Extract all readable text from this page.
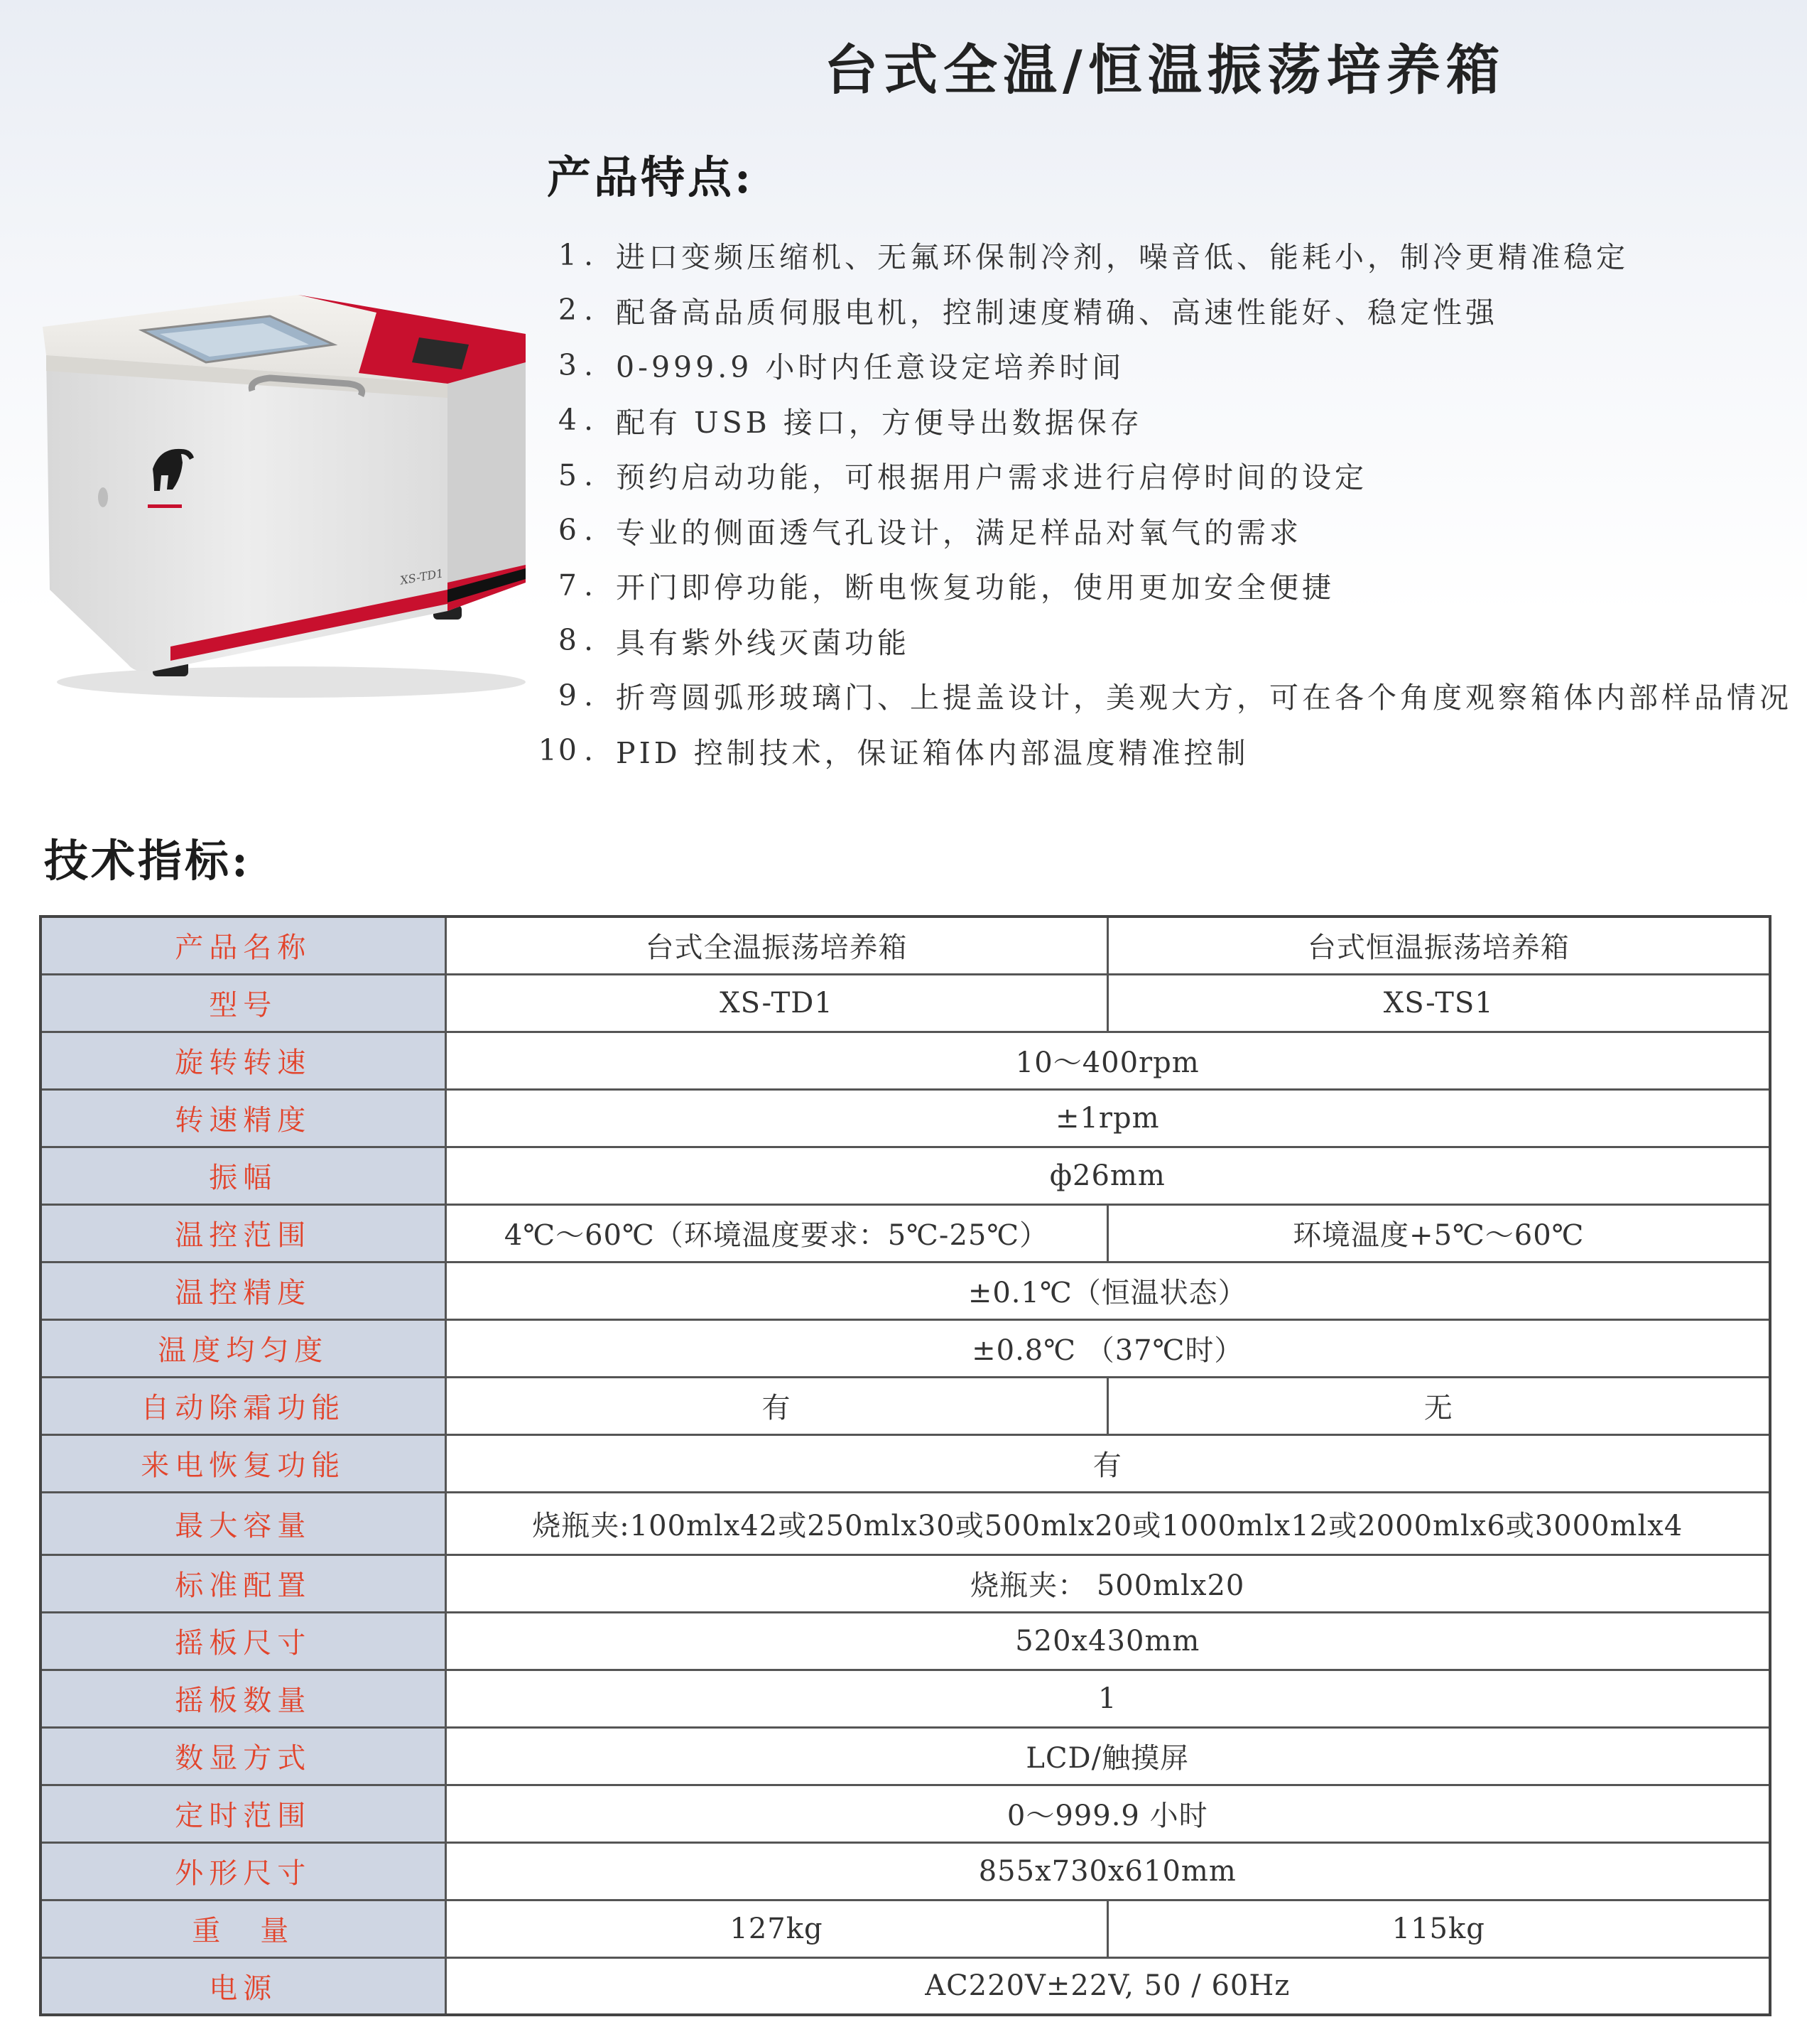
台式全温/恒温振荡培养箱
XS-TD1
产品特点:
1 . 进口变频压缩机、无氟环保制冷剂，噪音低、能耗小，制冷更精准稳定
2 . 配备高品质伺服电机，控制速度精确、高速性能好、稳定性强
3 . 0-999.9 小时内任意设定培养时间
4 . 配有 USB 接口，方便导出数据保存
5 . 预约启动功能，可根据用户需求进行启停时间的设定
6 . 专业的侧面透气孔设计，满足样品对氧气的需求
7 . 开门即停功能，断电恢复功能，使用更加安全便捷
8 . 具有紫外线灭菌功能
9 . 折弯圆弧形玻璃门、上提盖设计，美观大方，可在各个角度观察箱体内部样品情况
10 . PID 控制技术，保证箱体内部温度精准控制
技术指标:
产品名称	台式全温振荡培养箱	台式恒温振荡培养箱
型号	XS-TD1	XS-TS1
旋转转速	10～400rpm	
转速精度	±1rpm	
振幅	ф26mm	
温控范围	4℃～60℃（环境温度要求：5℃-25℃）	环境温度+5℃～60℃
温控精度	±0.1℃（恒温状态）	
温度均匀度	±0.8℃ （37℃时）	
自动除霜功能	有	无
来电恢复功能	有	
最大容量	烧瓶夹:100mlx42或250mlx30或500mlx20或1000mlx12或2000mlx6或3000mlx4	
标准配置	烧瓶夹： 500mlx20	
摇板尺寸	520x430mm	
摇板数量	1	
数显方式	LCD/触摸屏	
定时范围	0～999.9 小时	
外形尺寸	855x730x610mm	
重　量	127kg	115kg
电源	AC220V±22V, 50 / 60Hz	
